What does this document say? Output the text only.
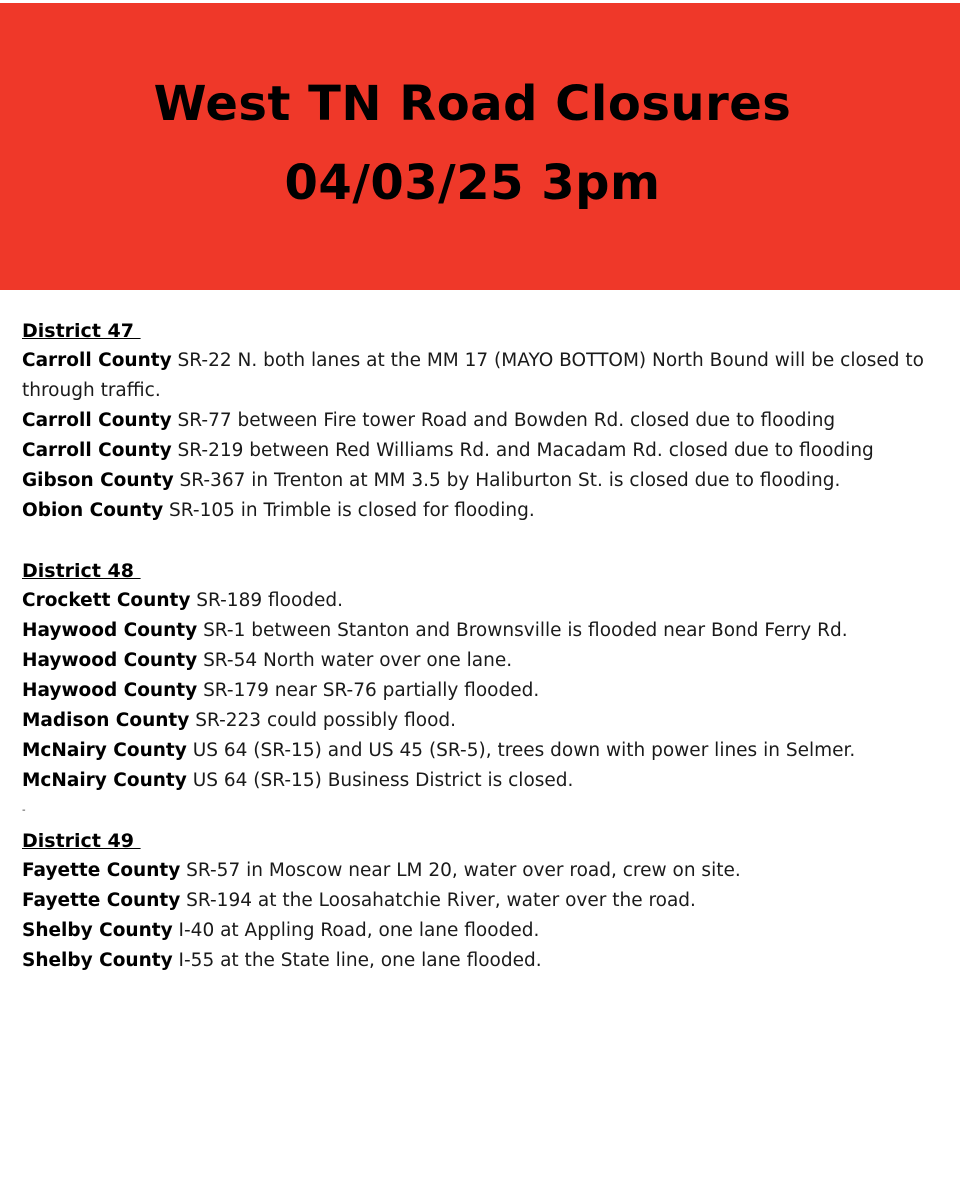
West TN Road Closures
04/03/25 3pm
District 47

Carroll County SR-22 N. both lanes at the MM 17 (MAYO BOTTOM) North Bound will be closed to through traffic.

Carroll County SR-77 between Fire tower Road and Bowden Rd. closed due to flooding

Carroll County SR-219 between Red Williams Rd. and Macadam Rd. closed due to flooding

Gibson County SR-367 in Trenton at MM 3.5 by Haliburton St. is closed due to flooding.

Obion County SR-105 in Trimble is closed for flooding.

District 48

Crockett County SR-189 flooded.

Haywood County SR-1 between Stanton and Brownsville is flooded near Bond Ferry Rd.

Haywood County SR-54 North water over one lane.

Haywood County SR-179 near SR-76 partially flooded.

Madison County SR-223 could possibly flood.

McNairy County US 64 (SR-15) and US 45 (SR-5), trees down with power lines in Selmer.

McNairy County US 64 (SR-15) Business District is closed.

-
District 49

Fayette County SR-57 in Moscow near LM 20, water over road, crew on site.

Fayette County SR-194 at the Loosahatchie River, water over the road.

Shelby County I-40 at Appling Road, one lane flooded.

Shelby County I-55 at the State line, one lane flooded.
